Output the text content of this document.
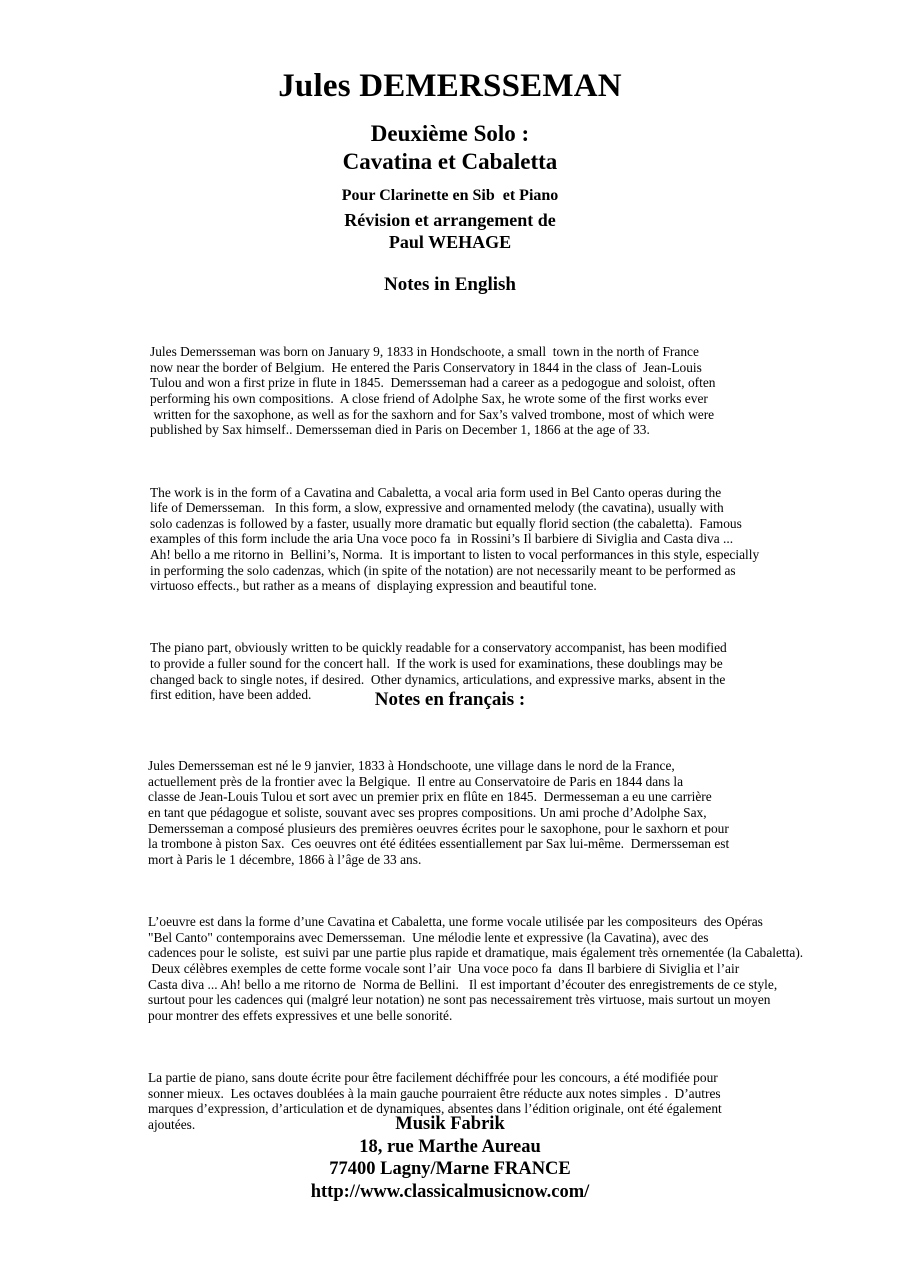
Jules DEMERSSEMAN
Deuxième Solo :
Cavatina et Cabaletta
Pour Clarinette en Sib  et Piano
Révision et arrangement de
Paul WEHAGE
Notes in English

Jules Demersseman was born on January 9, 1833 in Hondschoote, a small  town in the north of France
now near the border of Belgium.  He entered the Paris Conservatory in 1844 in the class of  Jean-Louis
Tulou and won a first prize in flute in 1845.  Demersseman had a career as a pedogogue and soloist, often
performing his own compositions.  A close friend of Adolphe Sax, he wrote some of the first works ever
written for the saxophone, as well as for the saxhorn and for Sax’s valved trombone, most of which were
published by Sax himself.. Demersseman died in Paris on December 1, 1866 at the age of 33.

The work is in the form of a Cavatina and Cabaletta, a vocal aria form used in Bel Canto operas during the
life of Demersseman.   In this form, a slow, expressive and ornamented melody (the cavatina), usually with
solo cadenzas is followed by a faster, usually more dramatic but equally florid section (the cabaletta).  Famous
examples of this form include the aria Una voce poco fa  in Rossini’s Il barbiere di Siviglia and Casta diva ...
Ah! bello a me ritorno in  Bellini’s, Norma.  It is important to listen to vocal performances in this style, especially
in performing the solo cadenzas, which (in spite of the notation) are not necessarily meant to be performed as
virtuoso effects., but rather as a means of  displaying expression and beautiful tone.

The piano part, obviously written to be quickly readable for a conservatory accompanist, has been modified
to provide a fuller sound for the concert hall.  If the work is used for examinations, these doublings may be
changed back to single notes, if desired.  Other dynamics, articulations, and expressive marks, absent in the
first edition, have been added.

	Notes en français :

Jules Demersseman est né le 9 janvier, 1833 à Hondschoote, une village dans le nord de la France,
actuellement près de la frontier avec la Belgique.  Il entre au Conservatoire de Paris en 1844 dans la
classe de Jean-Louis Tulou et sort avec un premier prix en flûte en 1845.  Dermesseman a eu une carrière
en tant que pédagogue et soliste, souvant avec ses propres compositions. Un ami proche d’Adolphe Sax,
Demersseman a composé plusieurs des premières oeuvres écrites pour le saxophone, pour le saxhorn et pour
la trombone à piston Sax.  Ces oeuvres ont été éditées essentiallement par Sax lui-même.  Dermersseman est
mort à Paris le 1 décembre, 1866 à l’âge de 33 ans.

L’oeuvre est dans la forme d’une Cavatina et Cabaletta, une forme vocale utilisée par les compositeurs  des Opéras
"Bel Canto" contemporains avec Demersseman.  Une mélodie lente et expressive (la Cavatina), avec des
cadences pour le soliste,  est suivi par une partie plus rapide et dramatique, mais également très ornementée (la Cabaletta).
Deux célèbres exemples de cette forme vocale sont l’air  Una voce poco fa  dans Il barbiere di Siviglia et l’air
Casta diva ... Ah! bello a me ritorno de  Norma de Bellini.   Il est important d’écouter des enregistrements de ce style,
surtout pour les cadences qui (malgré leur notation) ne sont pas necessairement très virtuose, mais surtout un moyen
pour montrer des effets expressives et une belle sonorité.

La partie de piano, sans doute écrite pour être facilement déchiffrée pour les concours, a été modifiée pour
sonner mieux.  Les octaves doublées à la main gauche pourraient être réducte aux notes simples .  D’autres
marques d’expression, d’articulation et de dynamiques, absentes dans l’édition originale, ont été également
ajoutées.

	Musik Fabrik
18, rue Marthe Aureau
77400 Lagny/Marne FRANCE
http://www.classicalmusicnow.com/
